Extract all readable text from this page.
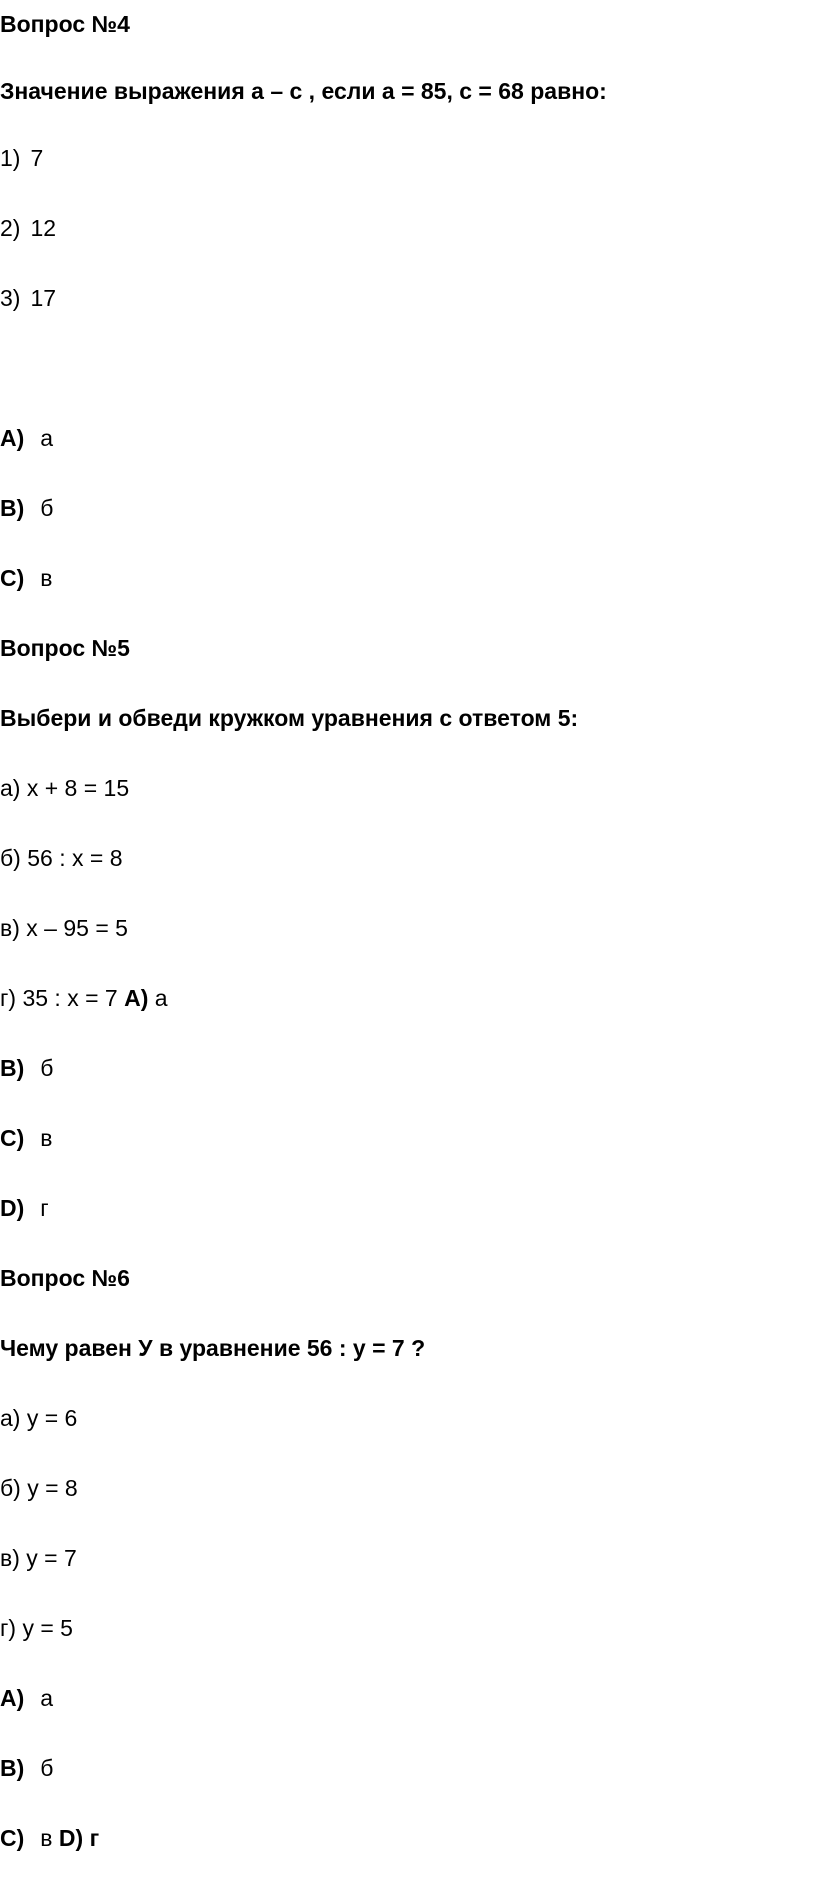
Вопрос №4
Значение выражения а – с , если а = 85, с = 68 равно:
1) 7
2) 12
3) 17
А) а
В) б
С) в
Вопрос №5
Выбери и обведи кружком уравнения с ответом 5:
а) х + 8 = 15
б) 56 : х = 8
в) х – 95 = 5
г) 35 : х = 7 А) а
В) б
С) в
D) г
Вопрос №6
Чему равен У в уравнение 56 : у = 7 ?
а) у = 6
б) у = 8
в) у = 7
г) у = 5
А) а
В) б
С) в D) г
